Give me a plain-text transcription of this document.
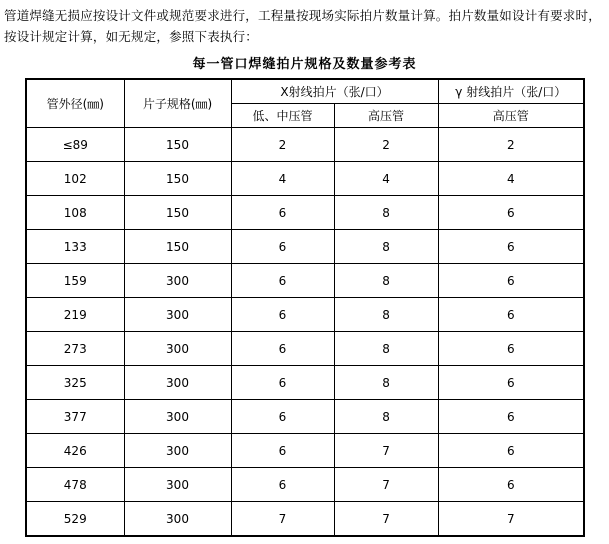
管道焊缝无损应按设计文件或规范要求进行，工程量按现场实际拍片数量计算。拍片数量如设计有要求时，按设计规定计算，如无规定，参照下表执行：
每一管口焊缝拍片规格及数量参考表
管外径(㎜)	片子规格(㎜)	X射线拍片（张/口）		γ 射线拍片（张/口）
		低、中压管	高压管	高压管
≤89	150	2	2	2
102	150	4	4	4
108	150	6	8	6
133	150	6	8	6
159	300	6	8	6
219	300	6	8	6
273	300	6	8	6
325	300	6	8	6
377	300	6	8	6
426	300	6	7	6
478	300	6	7	6
529	300	7	7	7
